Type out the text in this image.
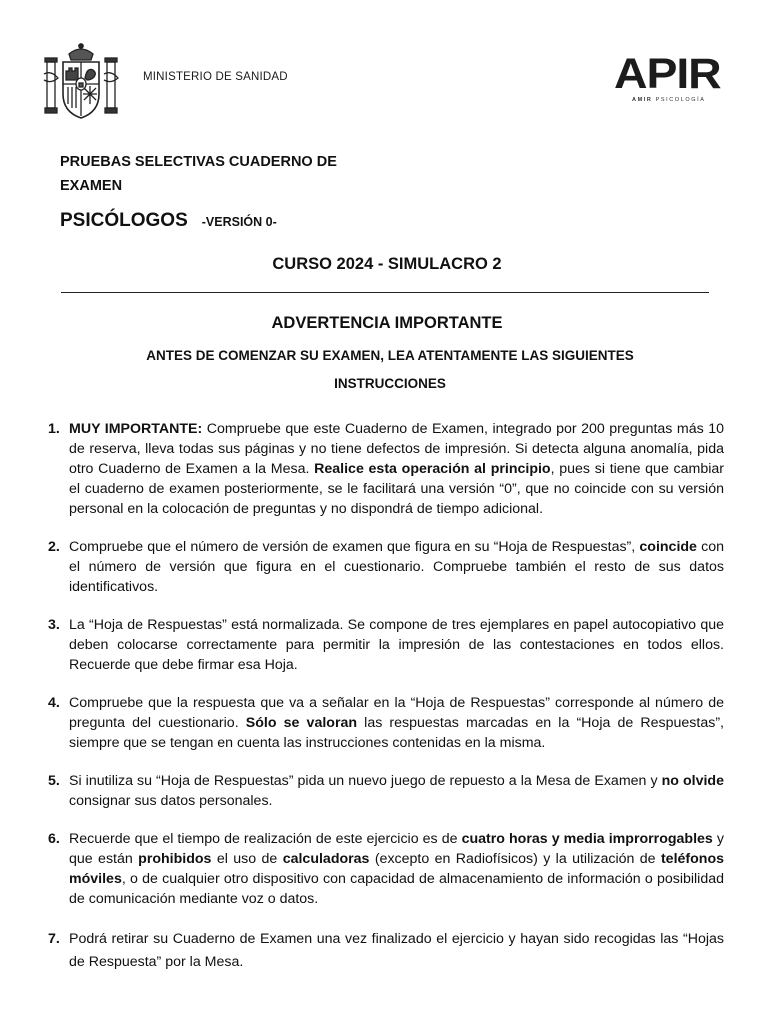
MINISTERIO DE SANIDAD	APIR
AMIR PSICOLOGÍA
PRUEBAS SELECTIVAS CUADERNO DE EXAMEN
PSICÓLOGOS -VERSIÓN 0-
CURSO 2024 - SIMULACRO 2
ADVERTENCIA IMPORTANTE
ANTES DE COMENZAR SU EXAMEN, LEA ATENTAMENTE LAS SIGUIENTES INSTRUCCIONES
1. MUY IMPORTANTE: Compruebe que este Cuaderno de Examen, integrado por 200 preguntas más 10 de reserva, lleva todas sus páginas y no tiene defectos de impresión. Si detecta alguna anomalía, pida otro Cuaderno de Examen a la Mesa. Realice esta operación al principio, pues si tiene que cambiar el cuaderno de examen posteriormente, se le facilitará una versión “0”, que no coincide con su versión personal en la colocación de preguntas y no dispondrá de tiempo adicional.
2. Compruebe que el número de versión de examen que figura en su “Hoja de Respuestas”, coincide con el número de versión que figura en el cuestionario. Compruebe también el resto de sus datos identificativos.
3. La “Hoja de Respuestas” está normalizada. Se compone de tres ejemplares en papel autocopiativo que deben colocarse correctamente para permitir la impresión de las contestaciones en todos ellos. Recuerde que debe firmar esa Hoja.
4. Compruebe que la respuesta que va a señalar en la “Hoja de Respuestas” corresponde al número de pregunta del cuestionario. Sólo se valoran las respuestas marcadas en la “Hoja de Respuestas”, siempre que se tengan en cuenta las instrucciones contenidas en la misma.
5. Si inutiliza su “Hoja de Respuestas” pida un nuevo juego de repuesto a la Mesa de Examen y no olvide consignar sus datos personales.
6. Recuerde que el tiempo de realización de este ejercicio es de cuatro horas y media improrrogables y que están prohibidos el uso de calculadoras (excepto en Radiofísicos) y la utilización de teléfonos móviles, o de cualquier otro dispositivo con capacidad de almacenamiento de información o posibilidad de comunicación mediante voz o datos.
7. Podrá retirar su Cuaderno de Examen una vez finalizado el ejercicio y hayan sido recogidas las “Hojas de Respuesta” por la Mesa.
